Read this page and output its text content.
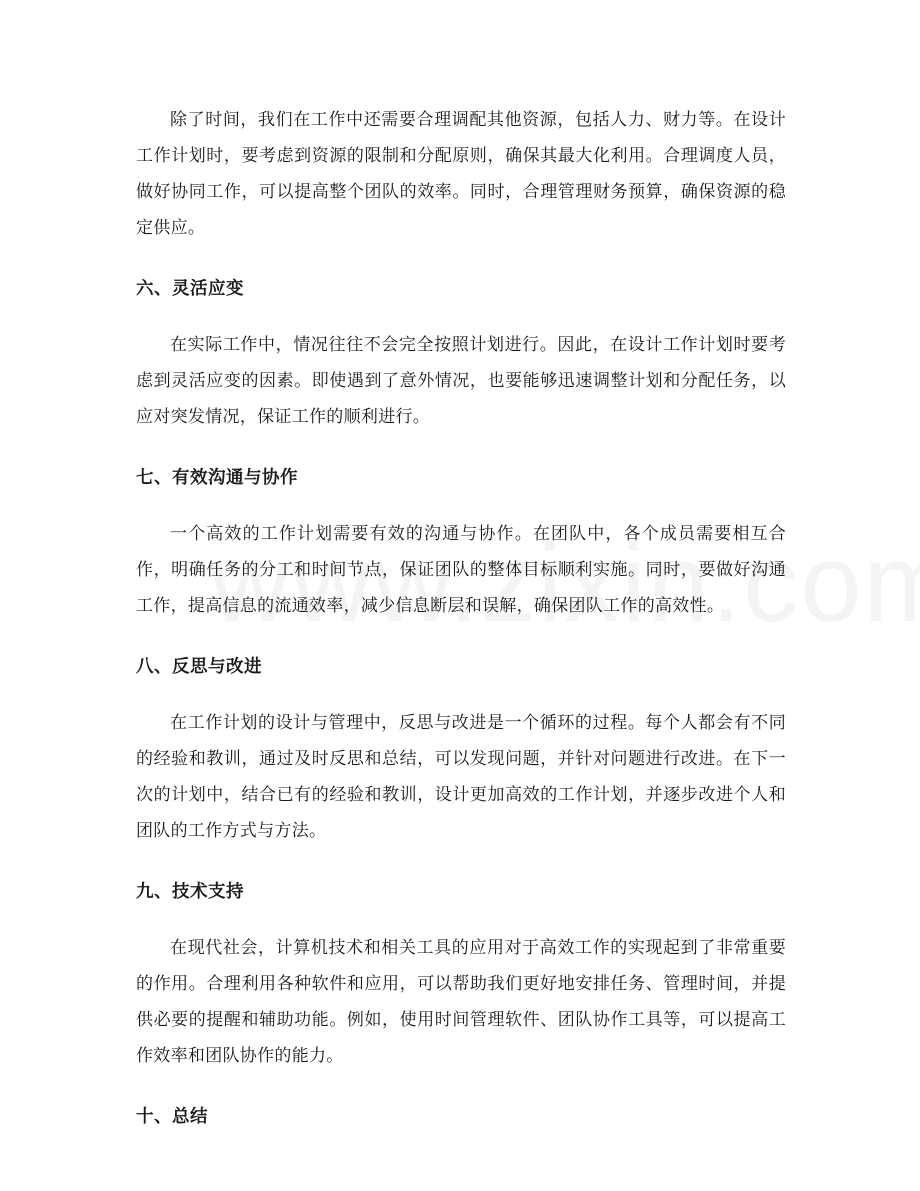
除了时间，我们在工作中还需要合理调配其他资源，包括人力、财力等。在设计工作计划时，要考虑到资源的限制和分配原则，确保其最大化利用。合理调度人员，做好协同工作，可以提高整个团队的效率。同时，合理管理财务预算，确保资源的稳定供应。

六、灵活应变

在实际工作中，情况往往不会完全按照计划进行。因此，在设计工作计划时要考虑到灵活应变的因素。即使遇到了意外情况，也要能够迅速调整计划和分配任务，以应对突发情况，保证工作的顺利进行。

七、有效沟通与协作

一个高效的工作计划需要有效的沟通与协作。在团队中，各个成员需要相互合作，明确任务的分工和时间节点，保证团队的整体目标顺利实施。同时，要做好沟通工作，提高信息的流通效率，减少信息断层和误解，确保团队工作的高效性。

八、反思与改进

在工作计划的设计与管理中，反思与改进是一个循环的过程。每个人都会有不同的经验和教训，通过及时反思和总结，可以发现问题，并针对问题进行改进。在下一次的计划中，结合已有的经验和教训，设计更加高效的工作计划，并逐步改进个人和团队的工作方式与方法。

九、技术支持

在现代社会，计算机技术和相关工具的应用对于高效工作的实现起到了非常重要的作用。合理利用各种软件和应用，可以帮助我们更好地安排任务、管理时间，并提供必要的提醒和辅助功能。例如，使用时间管理软件、团队协作工具等，可以提高工作效率和团队协作的能力。

十、总结
